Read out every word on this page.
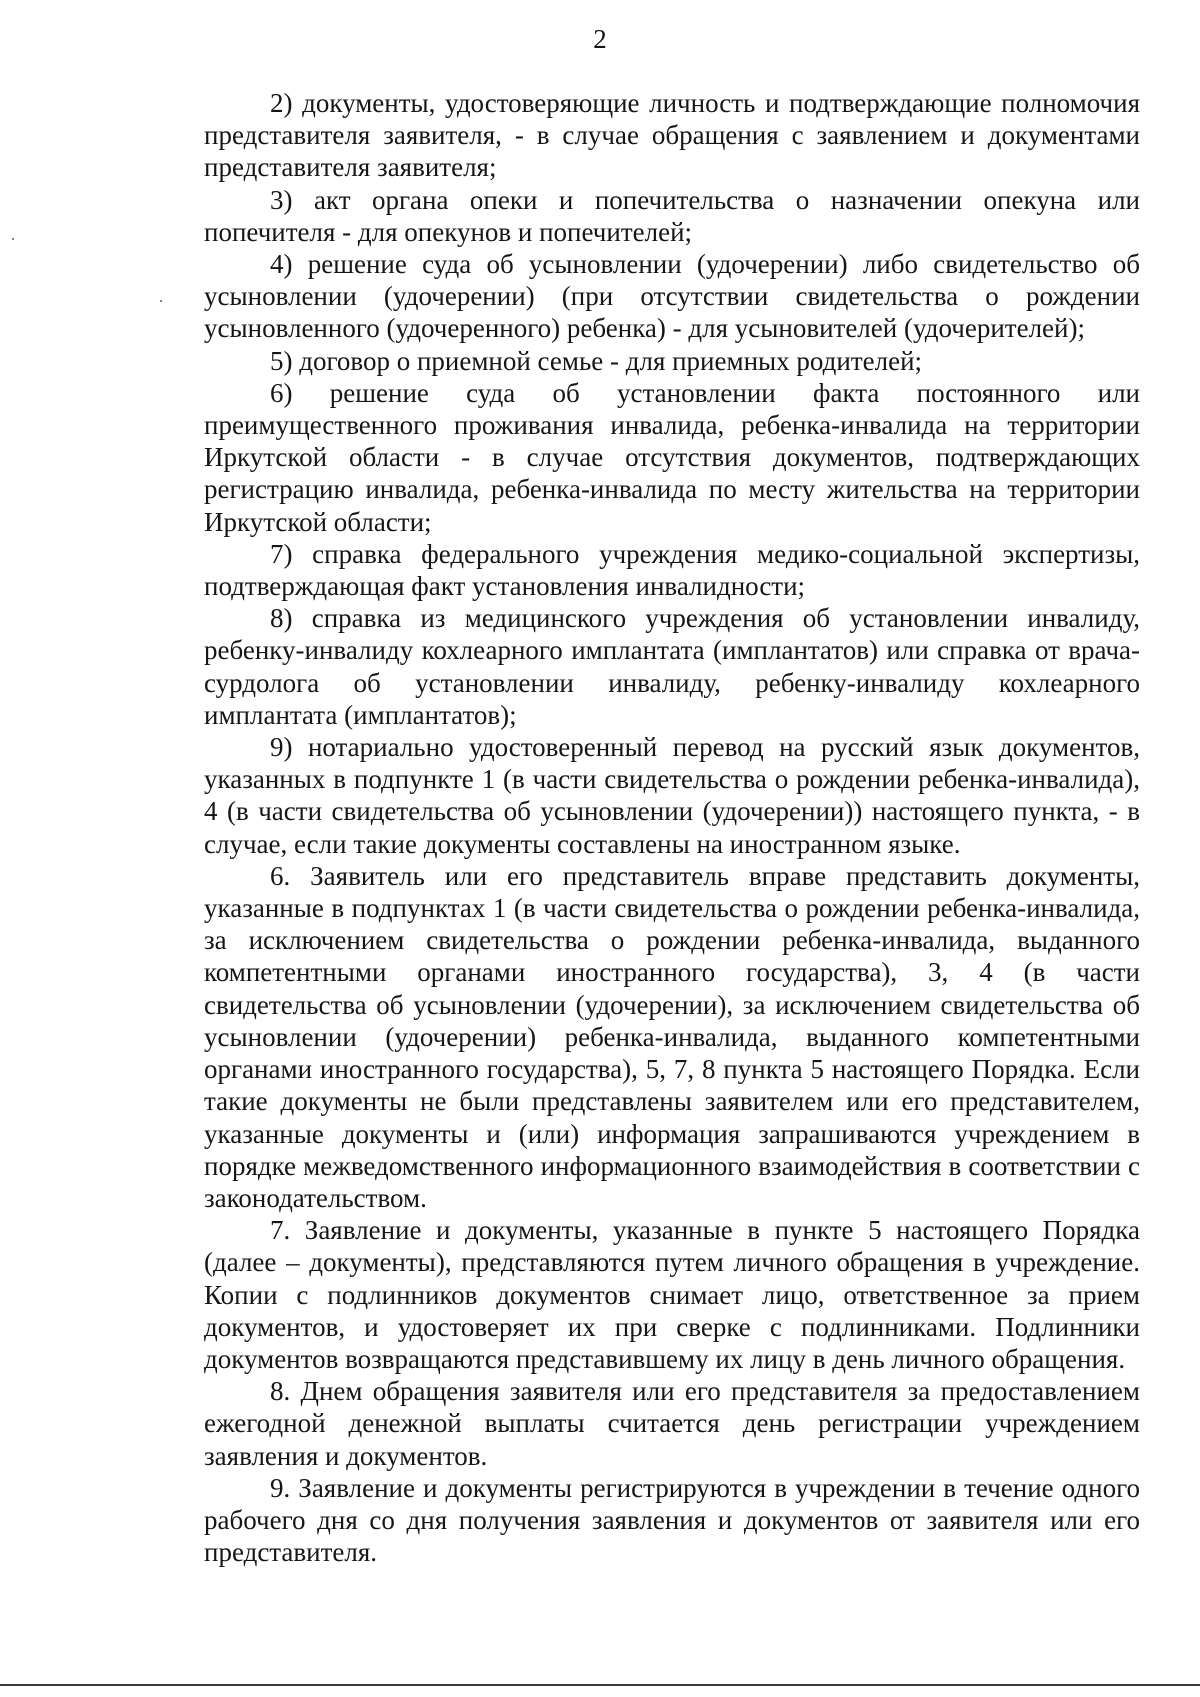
2

2) документы, удостоверяющие личность и подтверждающие полномочия представителя заявителя, - в случае обращения с заявлением и документами представителя заявителя;

3) акт органа опеки и попечительства о назначении опекуна или попечителя - для опекунов и попечителей;

4) решение суда об усыновлении (удочерении) либо свидетельство об усыновлении (удочерении) (при отсутствии свидетельства о рождении усыновленного (удочеренного) ребенка) - для усыновителей (удочерителей);

5) договор о приемной семье - для приемных родителей;

6) решение суда об установлении факта постоянного или преимущественного проживания инвалида, ребенка-инвалида на территории Иркутской области - в случае отсутствия документов, подтверждающих регистрацию инвалида, ребенка-инвалида по месту жительства на территории Иркутской области;

7) справка федерального учреждения медико-социальной экспертизы, подтверждающая факт установления инвалидности;

8) справка из медицинского учреждения об установлении инвалиду, ребенку-инвалиду кохлеарного имплантата (имплантатов) или справка от врача-сурдолога об установлении инвалиду, ребенку-инвалиду кохлеарного имплантата (имплантатов);

9) нотариально удостоверенный перевод на русский язык документов, указанных в подпункте 1 (в части свидетельства о рождении ребенка-инвалида), 4 (в части свидетельства об усыновлении (удочерении)) настоящего пункта, - в случае, если такие документы составлены на иностранном языке.

6. Заявитель или его представитель вправе представить документы, указанные в подпунктах 1 (в части свидетельства о рождении ребенка-инвалида, за исключением свидетельства о рождении ребенка-инвалида, выданного компетентными органами иностранного государства), 3, 4 (в части свидетельства об усыновлении (удочерении), за исключением свидетельства об усыновлении (удочерении) ребенка-инвалида, выданного компетентными органами иностранного государства), 5, 7, 8 пункта 5 настоящего Порядка. Если такие документы не были представлены заявителем или его представителем, указанные документы и (или) информация запрашиваются учреждением в порядке межведомственного информационного взаимодействия в соответствии с законодательством.

7. Заявление и документы, указанные в пункте 5 настоящего Порядка (далее – документы), представляются путем личного обращения в учреждение. Копии с подлинников документов снимает лицо, ответственное за прием документов, и удостоверяет их при сверке с подлинниками. Подлинники документов возвращаются представившему их лицу в день личного обращения.

8. Днем обращения заявителя или его представителя за предоставлением ежегодной денежной выплаты считается день регистрации учреждением заявления и документов.

9. Заявление и документы регистрируются в учреждении в течение одного рабочего дня со дня получения заявления и документов от заявителя или его представителя.
